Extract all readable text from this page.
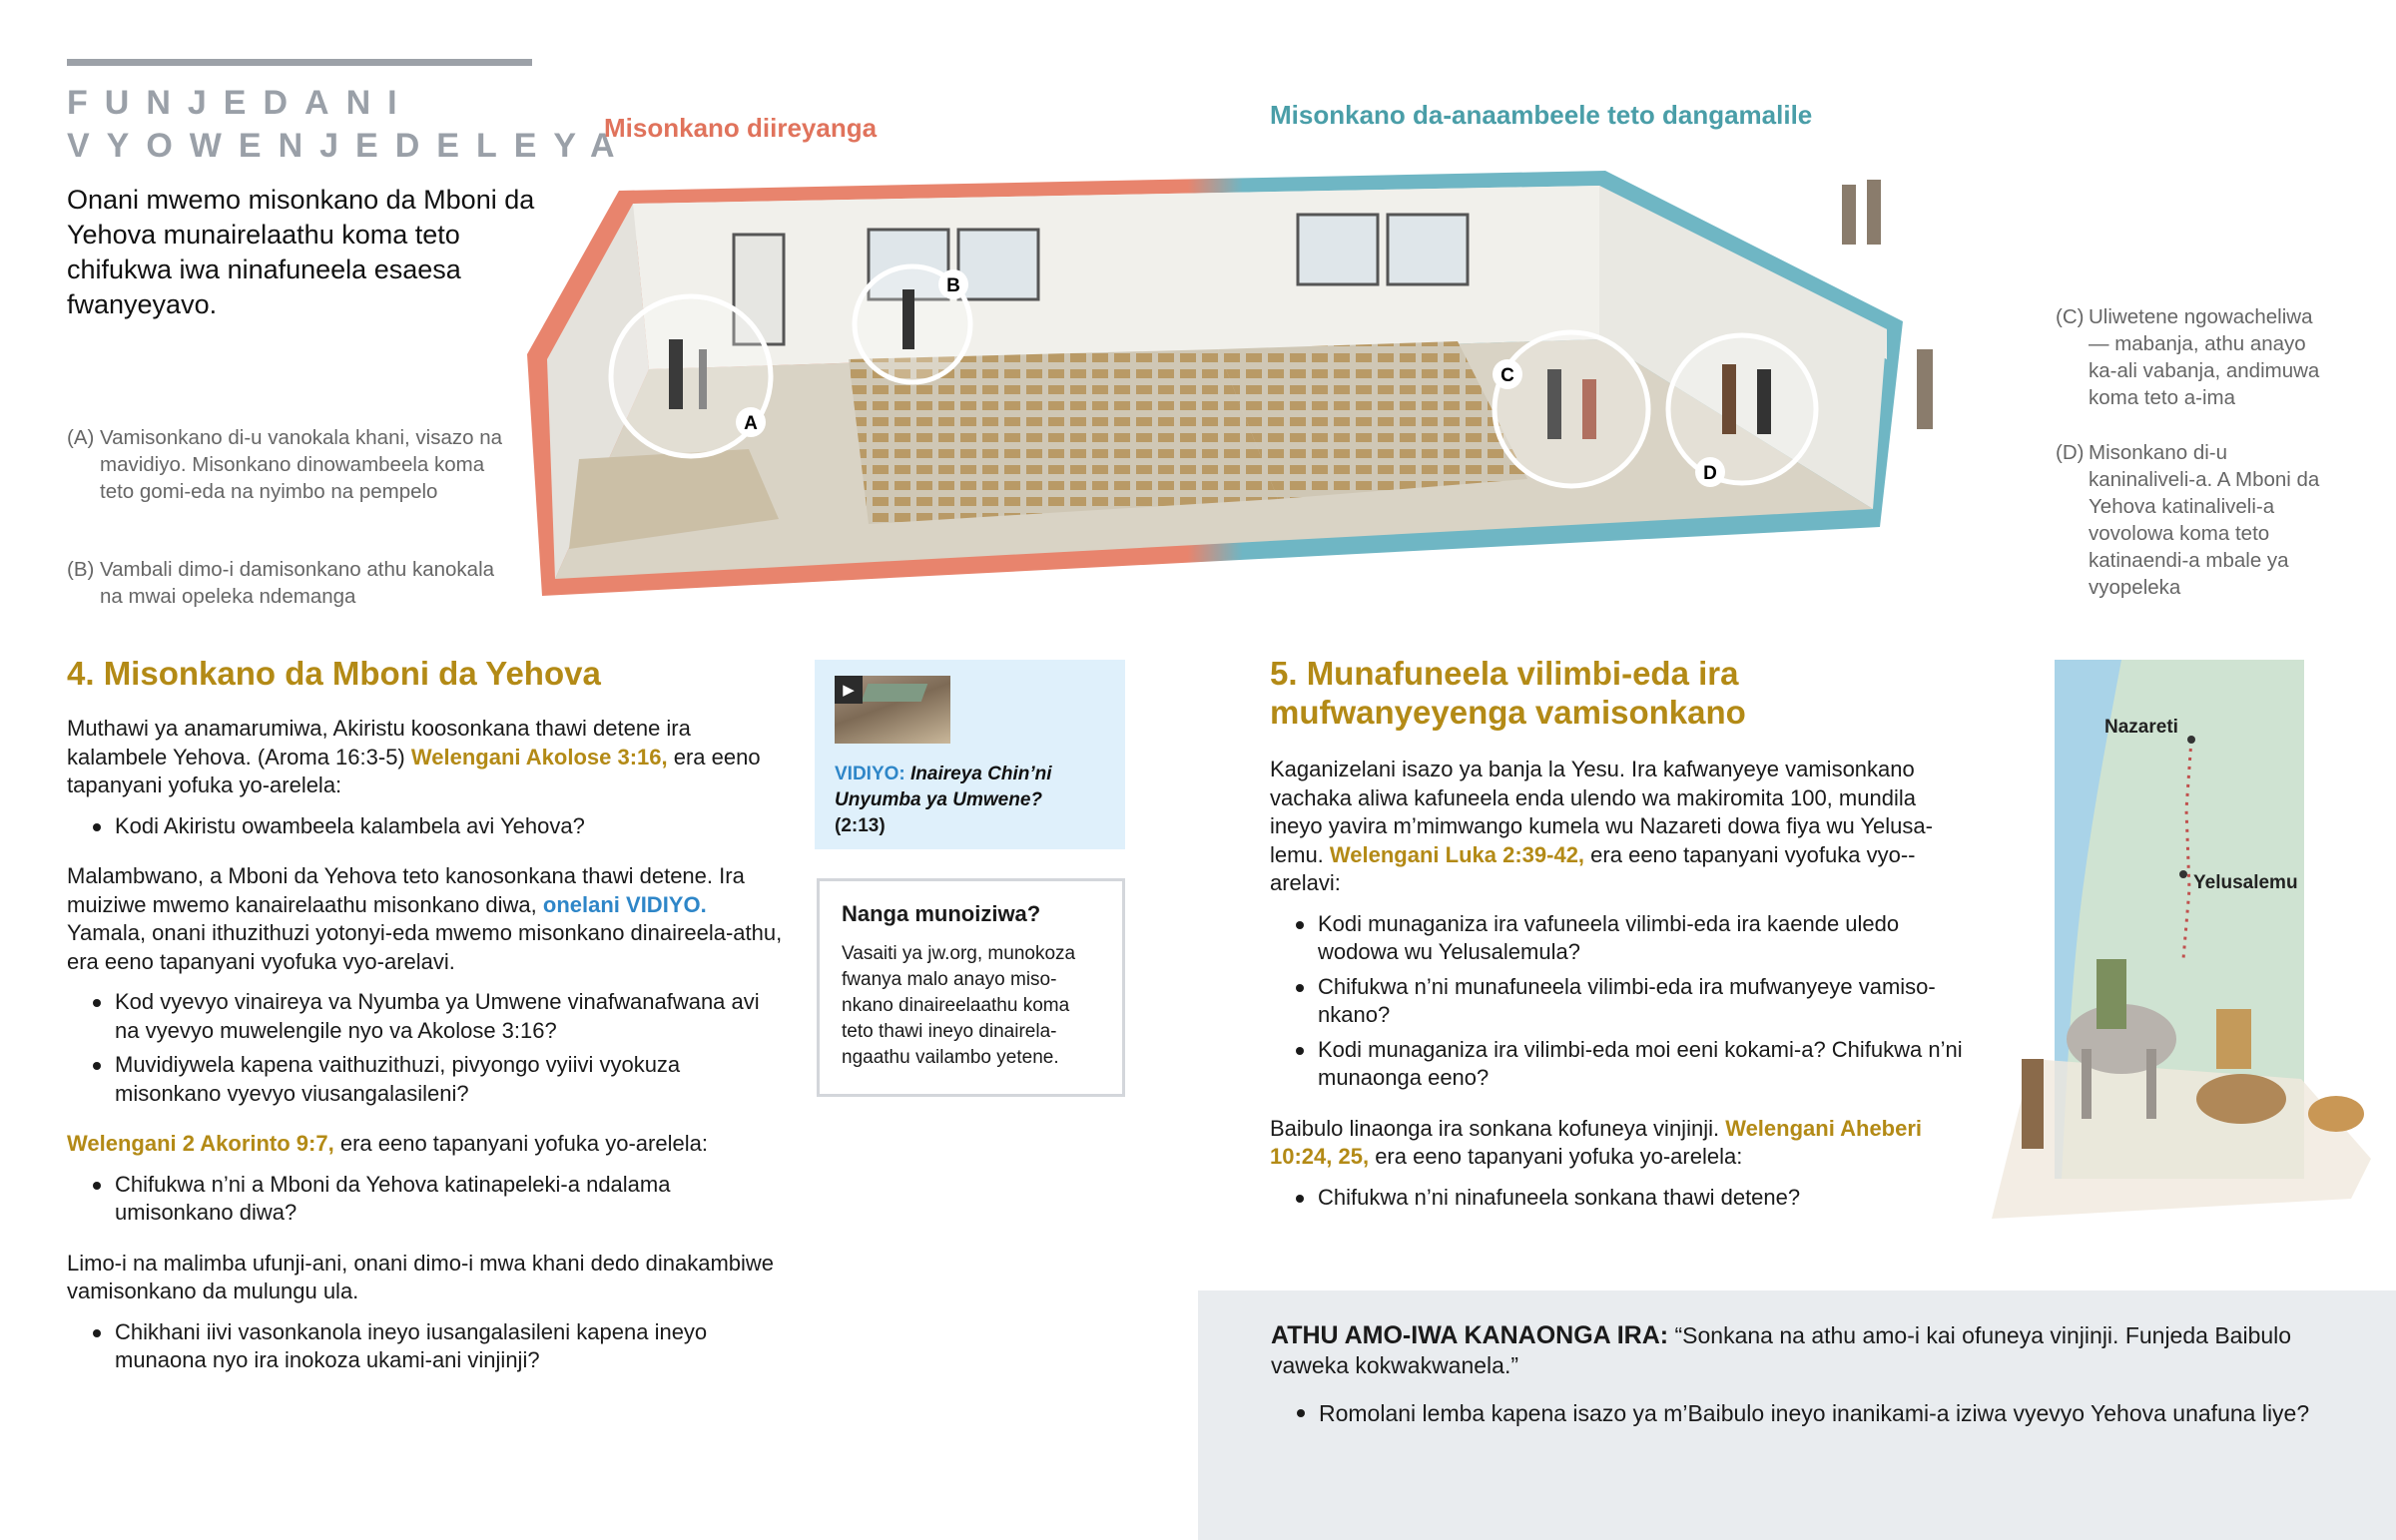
FUNJEDANI
VYOWENJEDELEYA
Onani mwemo misonkano da Mboni da Yehova munairelaathu koma teto chifukwa iwa ninafuneela esaesa fwanyeyavo.
(A) Vamisonkano di-u vanokala khani, visazo na mavidiyo. Misonkano dinowambeela koma teto gomi-eda na nyimbo na pempelo
(B) Vambali dimo-i damisonkano athu kanokala na mwai opeleka ndemanga
(C) Uliwetene ngowacheliwa — mabanja, athu anayo ka-ali vabanja, andimuwa koma teto a-ima
(D) Misonkano di-u kaninaliveli-a. A Mboni da Yehova katinaliveli-a vovolowa koma teto katinaendi-a mbale ya vyopeleka
Misonkano diireyanga	Misonkano da-anaambeele teto dangamalile
A
B
C
D
4. Misonkano da Mboni da Yehova

Muthawi ya anamarumiwa, Akiristu koosonkana thawi detene ira kalambele Yehova. (Aroma 16:3-5) Welengani Akolose 3:16, era eeno tapanyani yofuka yo-arelela:

Kodi Akiristu owambeela kalambela avi Yehova?

Malambwano, a Mboni da Yehova teto kanosonkana thawi detene. Ira muiziwe mwemo kanairelaathu misonkano diwa, onelani VIDIYO. Yamala, onani ithuzithuzi yotonyi-eda mwemo misonkano dinaireela-athu, era eeno tapanyani vyofuka vyo-arelavi.

Kod vyevyo vinaireya va Nyumba ya Umwene vinafwanafwana avi na vyevyo muwelengile nyo va Akolose 3:16?
Muvidiywela kapena vaithuzithuzi, pivyongo vyiivi vyokuza misonkano vyevyo viusangalasileni?

Welengani 2 Akorinto 9:7, era eeno tapanyani yofuka yo-arelela:

Chifukwa n’ni a Mboni da Yehova katinapeleki-a ndalama umisonkano diwa?

Limo-i na malimba ufunji-ani, onani dimo-i mwa khani dedo dinakambiwe vamisonkano da mulungu ula.

Chikhani iivi vasonkanola ineyo iusangalasileni kapena ineyo munaona nyo ira inokoza ukami-ani vinjinji?
▶
VIDIYO: Inaireya Chin’ni Unyumba ya Umwene?
(2:13)
Nanga munoiziwa?

Vasaiti ya jw.org, munokoza fwanya malo anayo miso-nkano dinaireelaathu koma teto thawi ineyo dinairela-ngaathu vailambo yetene.

5. Munafuneela vilimbi-eda ira mufwanyeyenga vamisonkano

Kaganizelani isazo ya banja la Yesu. Ira kafwanyeye vamisonkano vachaka aliwa kafuneela enda ulendo wa makiromita 100, mundila ineyo yavira m’mimwango kumela wu Nazareti dowa fiya wu Yelusa-lemu. Welengani Luka 2:39-42, era eeno tapanyani vyofuka vyo--arelavi:

Kodi munaganiza ira vafuneela vilimbi-eda ira kaende uledo wodowa wu Yelusalemula?
Chifukwa n’ni munafuneela vilimbi-eda ira mufwanyeye vamiso-nkano?
Kodi munaganiza ira vilimbi-eda moi eeni kokami-a? Chifukwa n’ni munaonga eeno?

Baibulo linaonga ira sonkana kofuneya vinjinji. Welengani Aheberi 10:24, 25, era eeno tapanyani yofuka yo-arelela:

Chifukwa n’ni ninafuneela sonkana thawi detene?
Nazareti
Yelusalemu

ATHU AMO-IWA KANAONGA IRA: “Sonkana na athu amo-i kai ofuneya vinjinji. Funjeda Baibulo vaweka kokwakwanela.”

Romolani lemba kapena isazo ya m’Baibulo ineyo inanikami-a iziwa vyevyo Yehova unafuna liye?
